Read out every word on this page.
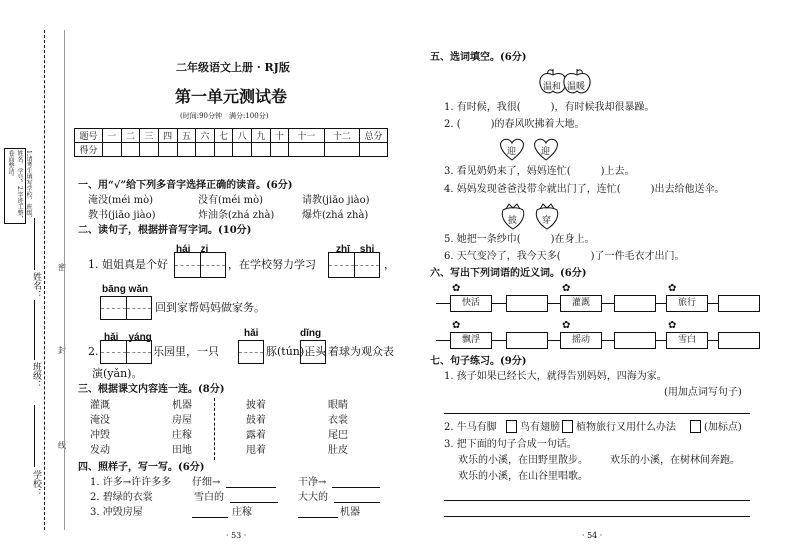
1.请考生填写学校、班级、姓名、学号。2.字迹工整，卷面整洁。
姓名：
班级：
学校：
密
封
线
二年级语文上册 · RJ版
第一单元测试卷
(时间:90分钟　满分:100分)
题号	一	二	三	四	五	六	七	八	九	十	十一	十二	总分
得分													
一、用“√”给下列多音字选择正确的读音。(6分)
淹没(méi mò)	没有(méi mò)	请教(jiāo jiào)
教书(jiāo jiào)	炸油条(zhá zhà)	爆炸(zhá zhà)
二、读句子，根据拼音写字词。(10分)
hái　zi	zhī　shi
1. 姐姐真是个好	，在学校努力学习	，
bāng wǎn
回到家帮妈妈做家务。
hǎi　yáng	hǎi	dǐng
2.	乐园里，一只	豚(tún)正头 着球为观众表
演(yǎn)。
三、根据课文内容连一连。(8分)
灌溉
淹没
冲毁
发动
机器
房屋
庄稼
田地
披着
鼓着
露着
甩着
眼睛
衣裳
尾巴
肚皮
四、照样子，写一写。(6分)
1. 许多→许许多多 仔细→	干净→
2. 碧绿的衣裳	雪白的	大大的
3. 冲毁房屋	庄稼	机器
· 53 ·
五、选词填空。(6分)
温和 温暖
1. 有时候，我很(　　　)，有时候我却很暴躁。
2. (　　　)的春风吹拂着大地。
迎	迎
3. 看见奶奶来了，妈妈连忙(　　　)上去。
4. 妈妈发现爸爸没带伞就出门了，连忙(　　　)出去给他送伞。
披	穿
5. 她把一条纱巾(　　　)在身上。
6. 天气变冷了，我今天多(　　　)了一件毛衣才出门。
六、写出下列词语的近义词。(6分)
快活	灌溉	旅行
飘浮	摇动	雪白
✿	✿	✿
✿	✿	✿
七、句子练习。(9分)
1. 孩子如果已经长大，就得告别妈妈，四海为家。
(用加点词写句子)
2. 牛马有脚 鸟有翅膀 植物旅行又用什么办法	(加标点)
3. 把下面的句子合成一句话。
欢乐的小溪，在田野里散步。 欢乐的小溪，在树林间奔跑。
欢乐的小溪，在山谷里唱歌。
· 54 ·
